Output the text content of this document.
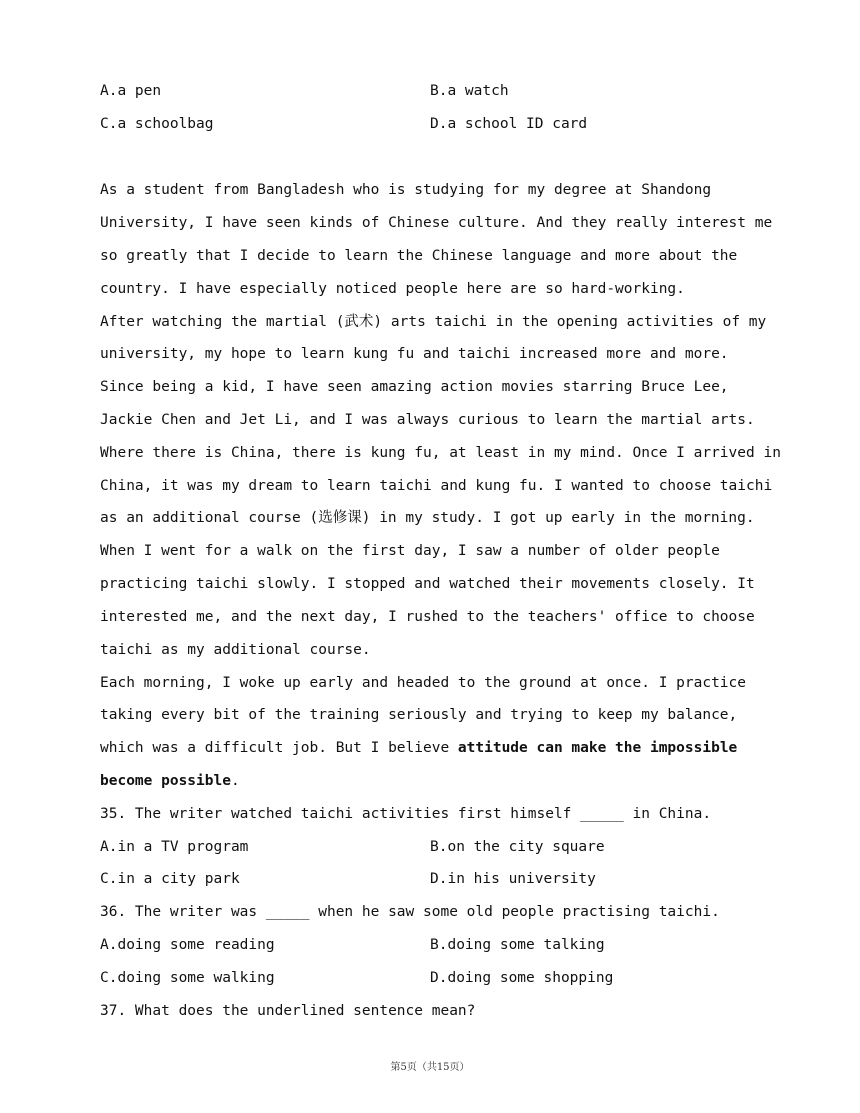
A.a pen	B.a watch
C.a schoolbag	D.a school ID card
As a student from Bangladesh who is studying for my degree at Shandong
University, I have seen kinds of Chinese culture. And they really interest me
so greatly that I decide to learn the Chinese language and more about the
country. I have especially noticed people here are so hard-working.
After watching the martial (武术) arts taichi in the opening activities of my
university, my hope to learn kung fu and taichi increased more and more.
Since being a kid, I have seen amazing action movies starring Bruce Lee,
Jackie Chen and Jet Li, and I was always curious to learn the martial arts.
Where there is China, there is kung fu, at least in my mind. Once I arrived in
China, it was my dream to learn taichi and kung fu. I wanted to choose taichi
as an additional course (选修课) in my study. I got up early in the morning.
When I went for a walk on the first day, I saw a number of older people
practicing taichi slowly. I stopped and watched their movements closely. It
interested me, and the next day, I rushed to the teachers' office to choose
taichi as my additional course.
Each morning, I woke up early and headed to the ground at once. I practice
taking every bit of the training seriously and trying to keep my balance,
which was a difficult job. But I believe attitude can make the impossible
become possible.
35. The writer watched taichi activities first himself _____ in China.
A.in a TV program	B.on the city square
C.in a city park	D.in his university
36. The writer was _____ when he saw some old people practising taichi.
A.doing some reading	B.doing some talking
C.doing some walking	D.doing some shopping
37. What does the underlined sentence mean?
第5页（共15页）
